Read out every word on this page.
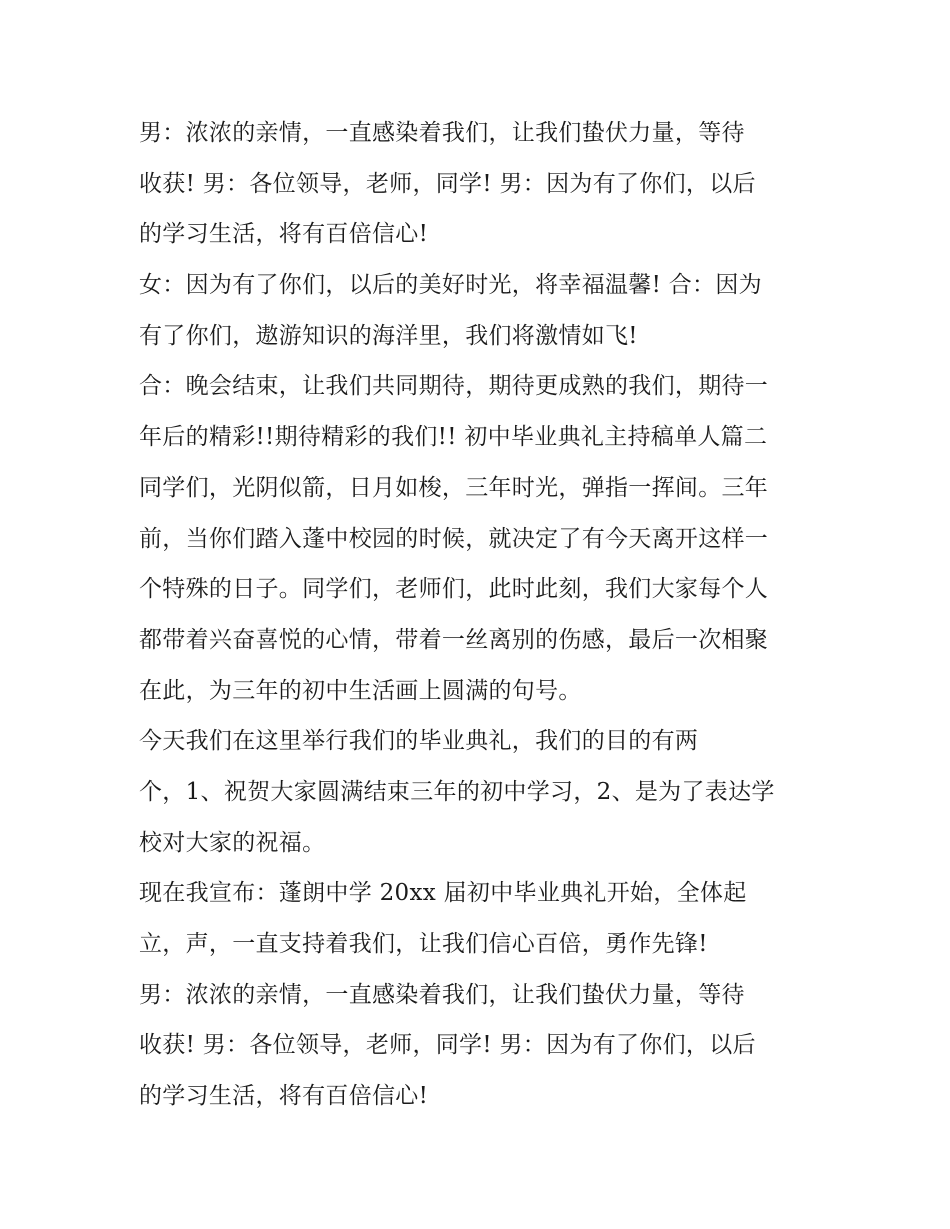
男：浓浓的亲情，一直感染着我们，让我们蛰伏力量，等待
收获! 男：各位领导，老师，同学! 男：因为有了你们，以后
的学习生活，将有百倍信心!
女：因为有了你们，以后的美好时光，将幸福温馨! 合：因为
有了你们，遨游知识的海洋里，我们将激情如飞!
合：晚会结束，让我们共同期待，期待更成熟的我们，期待一
年后的精彩!!期待精彩的我们!! 初中毕业典礼主持稿单人篇二
同学们，光阴似箭，日月如梭，三年时光，弹指一挥间。三年
前，当你们踏入蓬中校园的时候，就决定了有今天离开这样一
个特殊的日子。同学们，老师们，此时此刻，我们大家每个人
都带着兴奋喜悦的心情，带着一丝离别的伤感，最后一次相聚
在此，为三年的初中生活画上圆满的句号。
今天我们在这里举行我们的毕业典礼，我们的目的有两
个，1、祝贺大家圆满结束三年的初中学习，2、是为了表达学
校对大家的祝福。
现在我宣布：蓬朗中学 20xx 届初中毕业典礼开始，全体起
立，声，一直支持着我们，让我们信心百倍，勇作先锋!
男：浓浓的亲情，一直感染着我们，让我们蛰伏力量，等待
收获! 男：各位领导，老师，同学! 男：因为有了你们，以后
的学习生活，将有百倍信心!
